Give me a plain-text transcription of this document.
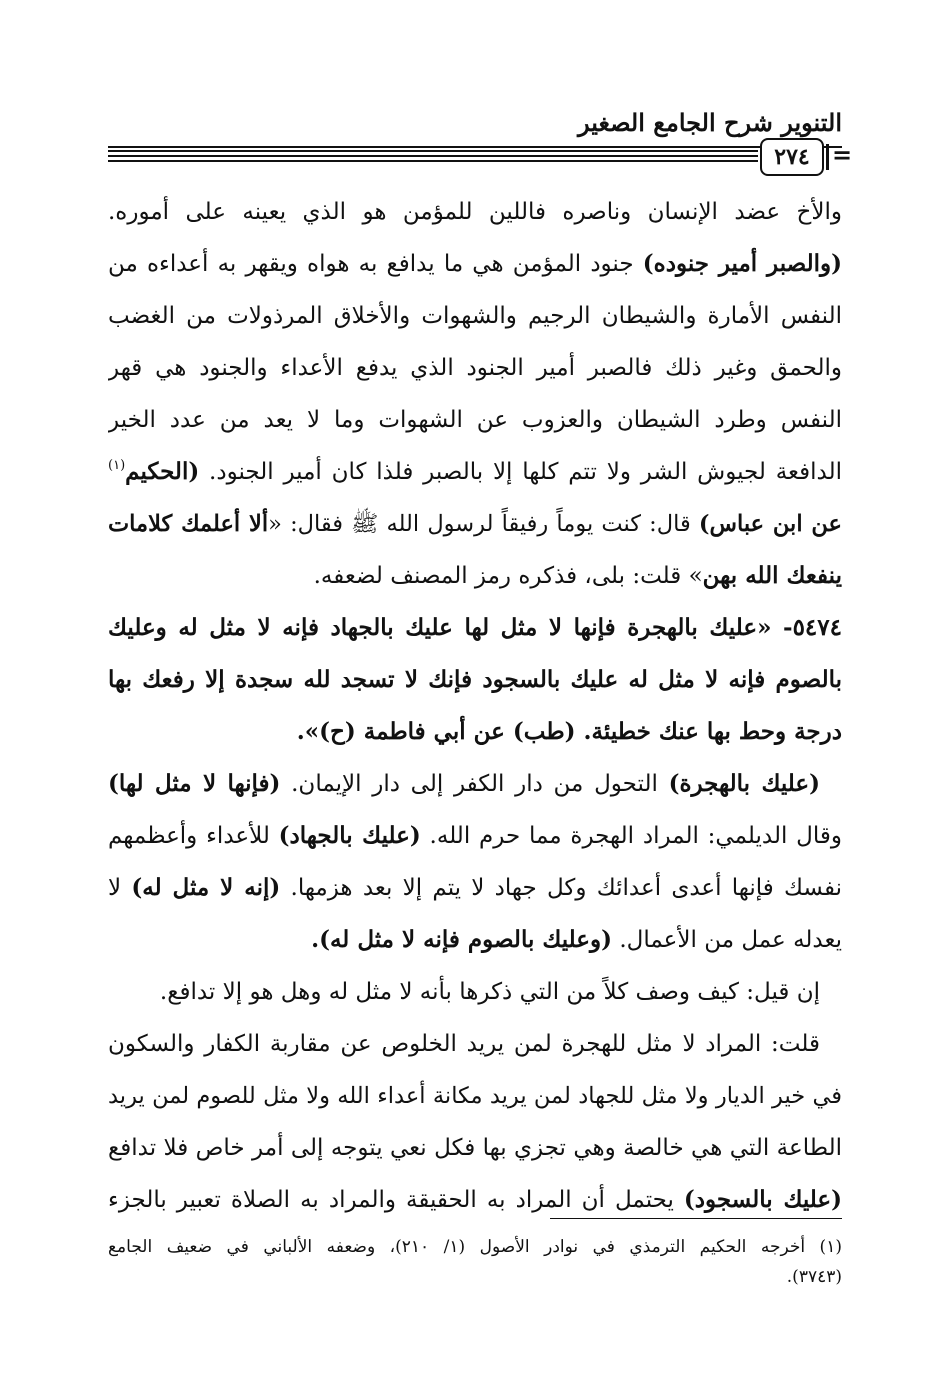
التنوير شرح الجامع الصغير
٢٧٤ =
والأخ عضد الإنسان وناصره فاللين للمؤمن هو الذي يعينه على أموره.
(والصبر أمير جنوده) جنود المؤمن هي ما يدافع به هواه ويقهر به أعداءه من
النفس الأمارة والشيطان الرجيم والشهوات والأخلاق المرذولات من الغضب
والحمق وغير ذلك فالصبر أمير الجنود الذي يدفع الأعداء والجنود هي قهر
النفس وطرد الشيطان والعزوب عن الشهوات وما لا يعد من عدد الخير
الدافعة لجيوش الشر ولا تتم كلها إلا بالصبر فلذا كان أمير الجنود. (الحكيم$^{(١)}$
عن ابن عباس) قال: كنت يوماً رفيقاً لرسول الله ﷺ فقال: «ألا أعلمك كلامات
ينفعك الله بهن» قلت: بلى، فذكره رمز المصنف لضعفه.
٥٤٧٤- «عليك بالهجرة فإنها لا مثل لها عليك بالجهاد فإنه لا مثل له وعليك
بالصوم فإنه لا مثل له عليك بالسجود فإنك لا تسجد لله سجدة إلا رفعك بها
درجة وحط بها عنك خطيئة. (طب) عن أبي فاطمة (ح)».
(عليك بالهجرة) التحول من دار الكفر إلى دار الإيمان. (فإنها لا مثل لها)
وقال الديلمي: المراد الهجرة مما حرم الله. (عليك بالجهاد) للأعداء وأعظمهم
نفسك فإنها أعدى أعدائك وكل جهاد لا يتم إلا بعد هزمها. (إنه لا مثل له) لا
يعدله عمل من الأعمال. (وعليك بالصوم فإنه لا مثل له).
إن قيل: كيف وصف كلاً من التي ذكرها بأنه لا مثل له وهل هو إلا تدافع.
قلت: المراد لا مثل للهجرة لمن يريد الخلوص عن مقاربة الكفار والسكون
في خير الديار ولا مثل للجهاد لمن يريد مكانة أعداء الله ولا مثل للصوم لمن يريد
الطاعة التي هي خالصة وهي تجزي بها فكل نعي يتوجه إلى أمر خاص فلا تدافع
(عليك بالسجود) يحتمل أن المراد به الحقيقة والمراد به الصلاة تعبير بالجزء
(١) أخرجه الحكيم الترمذي في نوادر الأصول (١/ ٢١٠)، وضعفه الألباني في ضعيف الجامع
(٣٧٤٣).
